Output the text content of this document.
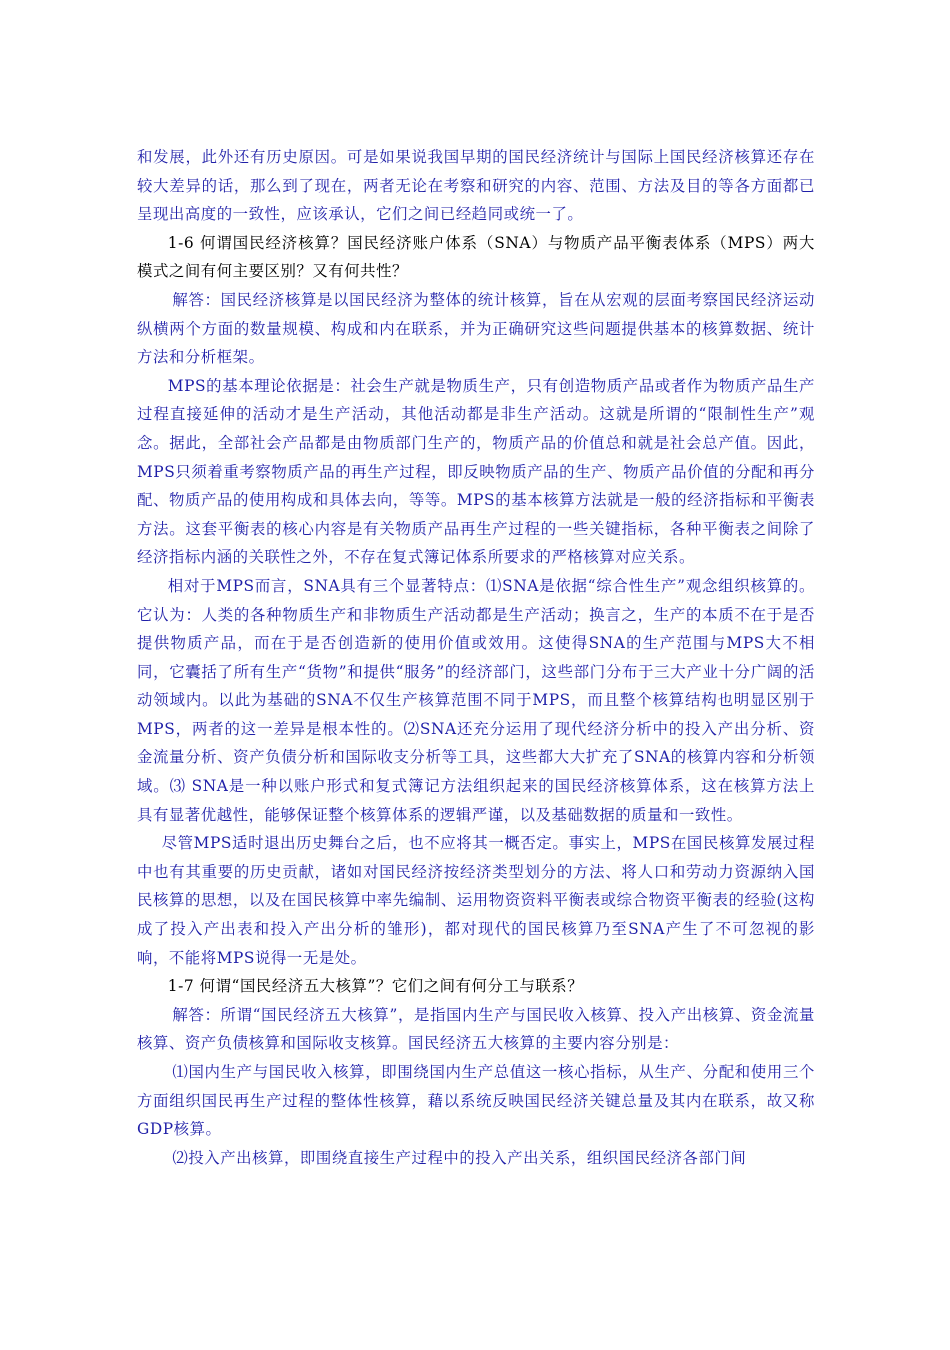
和发展，此外还有历史原因。可是如果说我国早期的国民经济统计与国际上国民经济核算还存在较大差异的话，那么到了现在，两者无论在考察和研究的内容、范围、方法及目的等各方面都已呈现出高度的一致性，应该承认，它们之间已经趋同或统一了。

1-6 何谓国民经济核算？国民经济账户体系（SNA）与物质产品平衡表体系（MPS）两大模式之间有何主要区别？又有何共性？

解答：国民经济核算是以国民经济为整体的统计核算，旨在从宏观的层面考察国民经济运动纵横两个方面的数量规模、构成和内在联系，并为正确研究这些问题提供基本的核算数据、统计方法和分析框架。

MPS的基本理论依据是：社会生产就是物质生产，只有创造物质产品或者作为物质产品生产过程直接延伸的活动才是生产活动，其他活动都是非生产活动。这就是所谓的“限制性生产”观念。据此，全部社会产品都是由物质部门生产的，物质产品的价值总和就是社会总产值。因此，MPS只须着重考察物质产品的再生产过程，即反映物质产品的生产、物质产品价值的分配和再分配、物质产品的使用构成和具体去向，等等。MPS的基本核算方法就是一般的经济指标和平衡表方法。这套平衡表的核心内容是有关物质产品再生产过程的一些关键指标，各种平衡表之间除了经济指标内涵的关联性之外，不存在复式簿记体系所要求的严格核算对应关系。

相对于MPS而言，SNA具有三个显著特点：⑴SNA是依据“综合性生产”观念组织核算的。它认为：人类的各种物质生产和非物质生产活动都是生产活动；换言之，生产的本质不在于是否提供物质产品，而在于是否创造新的使用价值或效用。这使得SNA的生产范围与MPS大不相同，它囊括了所有生产“货物”和提供“服务”的经济部门，这些部门分布于三大产业十分广阔的活动领域内。以此为基础的SNA不仅生产核算范围不同于MPS，而且整个核算结构也明显区别于MPS，两者的这一差异是根本性的。⑵SNA还充分运用了现代经济分析中的投入产出分析、资金流量分析、资产负债分析和国际收支分析等工具，这些都大大扩充了SNA的核算内容和分析领域。⑶ SNA是一种以账户形式和复式簿记方法组织起来的国民经济核算体系，这在核算方法上具有显著优越性，能够保证整个核算体系的逻辑严谨，以及基础数据的质量和一致性。

尽管MPS适时退出历史舞台之后，也不应将其一概否定。事实上，MPS在国民核算发展过程中也有其重要的历史贡献，诸如对国民经济按经济类型划分的方法、将人口和劳动力资源纳入国民核算的思想，以及在国民核算中率先编制、运用物资资料平衡表或综合物资平衡表的经验(这构成了投入产出表和投入产出分析的雏形)，都对现代的国民核算乃至SNA产生了不可忽视的影响，不能将MPS说得一无是处。

1-7 何谓“国民经济五大核算”？它们之间有何分工与联系？

解答：所谓“国民经济五大核算”，是指国内生产与国民收入核算、投入产出核算、资金流量核算、资产负债核算和国际收支核算。国民经济五大核算的主要内容分别是：

⑴国内生产与国民收入核算，即围绕国内生产总值这一核心指标，从生产、分配和使用三个方面组织国民再生产过程的整体性核算，藉以系统反映国民经济关键总量及其内在联系，故又称GDP核算。

⑵投入产出核算，即围绕直接生产过程中的投入产出关系，组织国民经济各部门间
